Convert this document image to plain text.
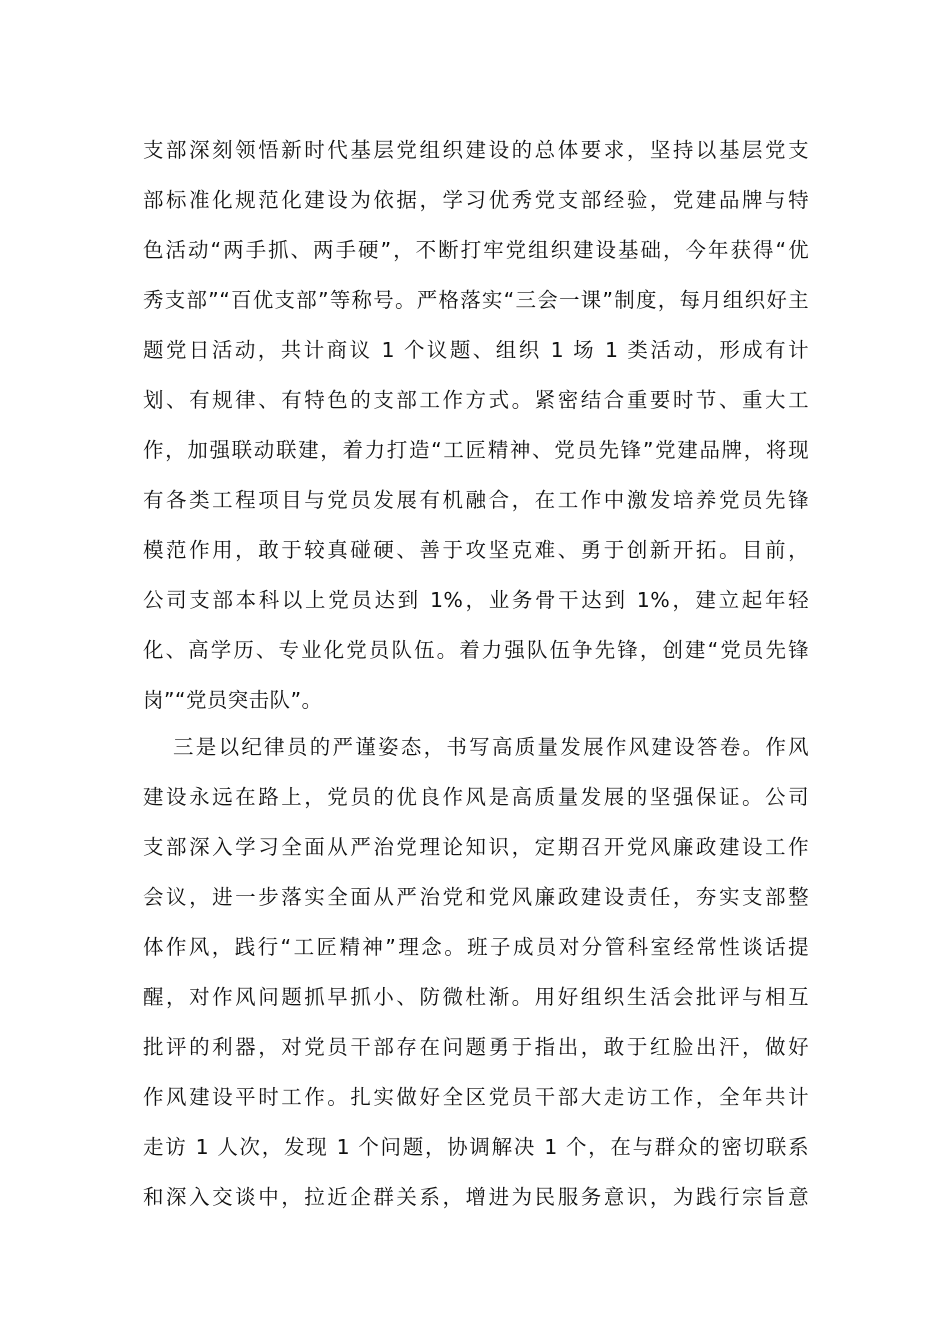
支部深刻领悟新时代基层党组织建设的总体要求，坚持以基层党支
部标准化规范化建设为依据，学习优秀党支部经验，党建品牌与特
色活动“两手抓、两手硬”，不断打牢党组织建设基础，今年获得“优
秀支部”“百优支部”等称号。严格落实“三会一课”制度，每月组织好主
题党日活动，共计商议 1 个议题、组织 1 场 1 类活动，形成有计
划、有规律、有特色的支部工作方式。紧密结合重要时节、重大工
作，加强联动联建，着力打造“工匠精神、党员先锋”党建品牌，将现
有各类工程项目与党员发展有机融合，在工作中激发培养党员先锋
模范作用，敢于较真碰硬、善于攻坚克难、勇于创新开拓。目前，
公司支部本科以上党员达到 1%，业务骨干达到 1%，建立起年轻
化、高学历、专业化党员队伍。着力强队伍争先锋，创建“党员先锋
岗”“党员突击队”。
三是以纪律员的严谨姿态，书写高质量发展作风建设答卷。作风
建设永远在路上，党员的优良作风是高质量发展的坚强保证。公司
支部深入学习全面从严治党理论知识，定期召开党风廉政建设工作
会议，进一步落实全面从严治党和党风廉政建设责任，夯实支部整
体作风，践行“工匠精神”理念。班子成员对分管科室经常性谈话提
醒，对作风问题抓早抓小、防微杜渐。用好组织生活会批评与相互
批评的利器，对党员干部存在问题勇于指出，敢于红脸出汗，做好
作风建设平时工作。扎实做好全区党员干部大走访工作，全年共计
走访 1 人次，发现 1 个问题，协调解决 1 个，在与群众的密切联系
和深入交谈中，拉近企群关系，增进为民服务意识，为践行宗旨意
